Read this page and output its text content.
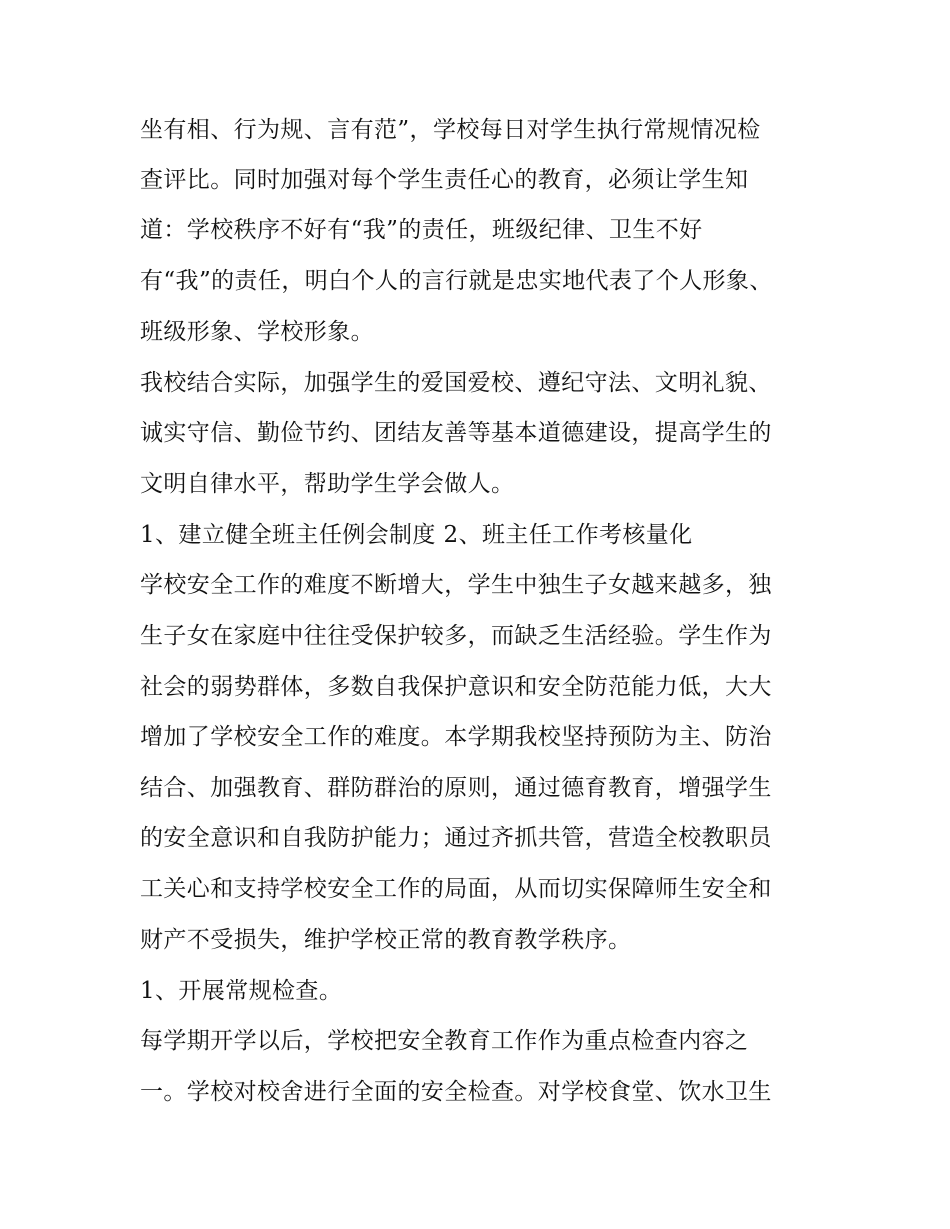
坐有相、行为规、言有范”，学校每日对学生执行常规情况检
查评比。同时加强对每个学生责任心的教育，必须让学生知
道：学校秩序不好有“我”的责任，班级纪律、卫生不好
有“我”的责任，明白个人的言行就是忠实地代表了个人形象、
班级形象、学校形象。
我校结合实际，加强学生的爱国爱校、遵纪守法、文明礼貌、
诚实守信、勤俭节约、团结友善等基本道德建设，提高学生的
文明自律水平，帮助学生学会做人。
1、建立健全班主任例会制度 2、班主任工作考核量化
学校安全工作的难度不断增大，学生中独生子女越来越多，独
生子女在家庭中往往受保护较多，而缺乏生活经验。学生作为
社会的弱势群体，多数自我保护意识和安全防范能力低，大大
增加了学校安全工作的难度。本学期我校坚持预防为主、防治
结合、加强教育、群防群治的原则，通过德育教育，增强学生
的安全意识和自我防护能力；通过齐抓共管，营造全校教职员
工关心和支持学校安全工作的局面，从而切实保障师生安全和
财产不受损失，维护学校正常的教育教学秩序。
1、开展常规检查。
每学期开学以后，学校把安全教育工作作为重点检查内容之
一。学校对校舍进行全面的安全检查。对学校食堂、饮水卫生
